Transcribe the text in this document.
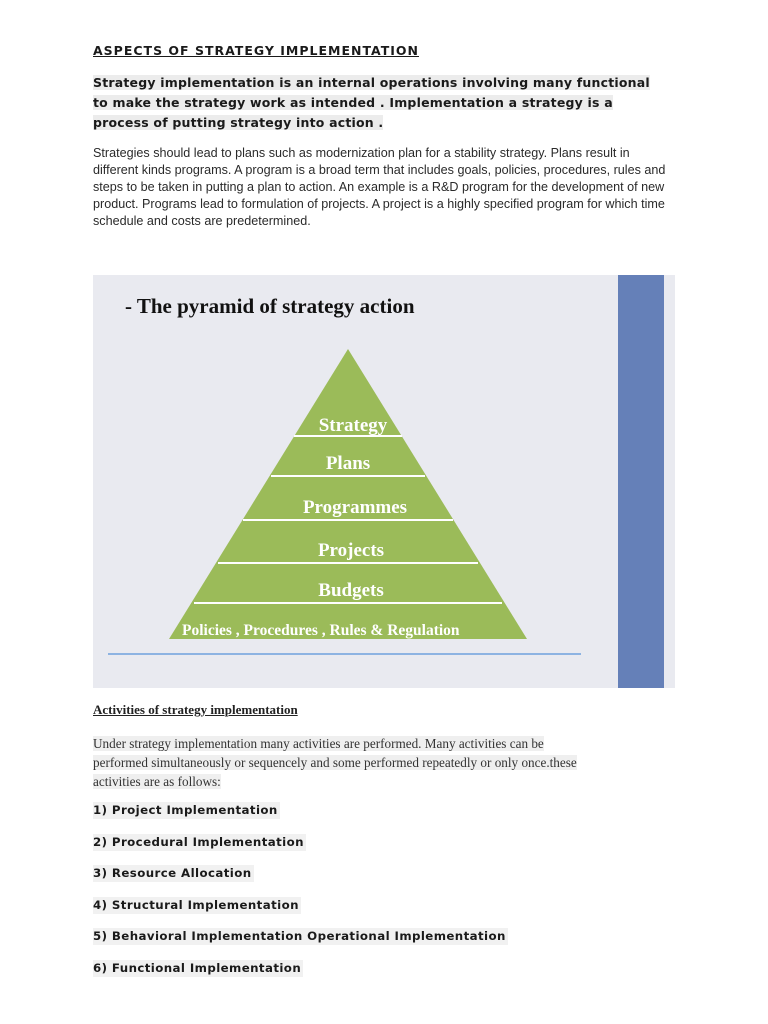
ASPECTS OF STRATEGY IMPLEMENTATION

Strategy implementation is an internal operations involving many functional
to make the strategy work as intended . Implementation a strategy is a
process of putting strategy into action .

Strategies should lead to plans such as modernization plan for a stability strategy. Plans result in different kinds programs. A program is a broad term that includes goals, policies, procedures, rules and steps to be taken in putting a plan to action. An example is a R&D program for the development of new product. Programs lead to formulation of projects. A project is a highly specified program for which time schedule and costs are predetermined.

- The pyramid of strategy action
Strategy
Plans
Programmes
Projects
Budgets
Policies , Procedures , Rules & Regulation
Activities of strategy implementation

Under strategy implementation many activities are performed. Many activities can be
performed simultaneously or sequencely and some performed repeatedly or only once.these
activities are as follows:

1) Project Implementation
2) Procedural Implementation
3) Resource Allocation
4) Structural Implementation
5) Behavioral Implementation Operational Implementation
6) Functional Implementation
